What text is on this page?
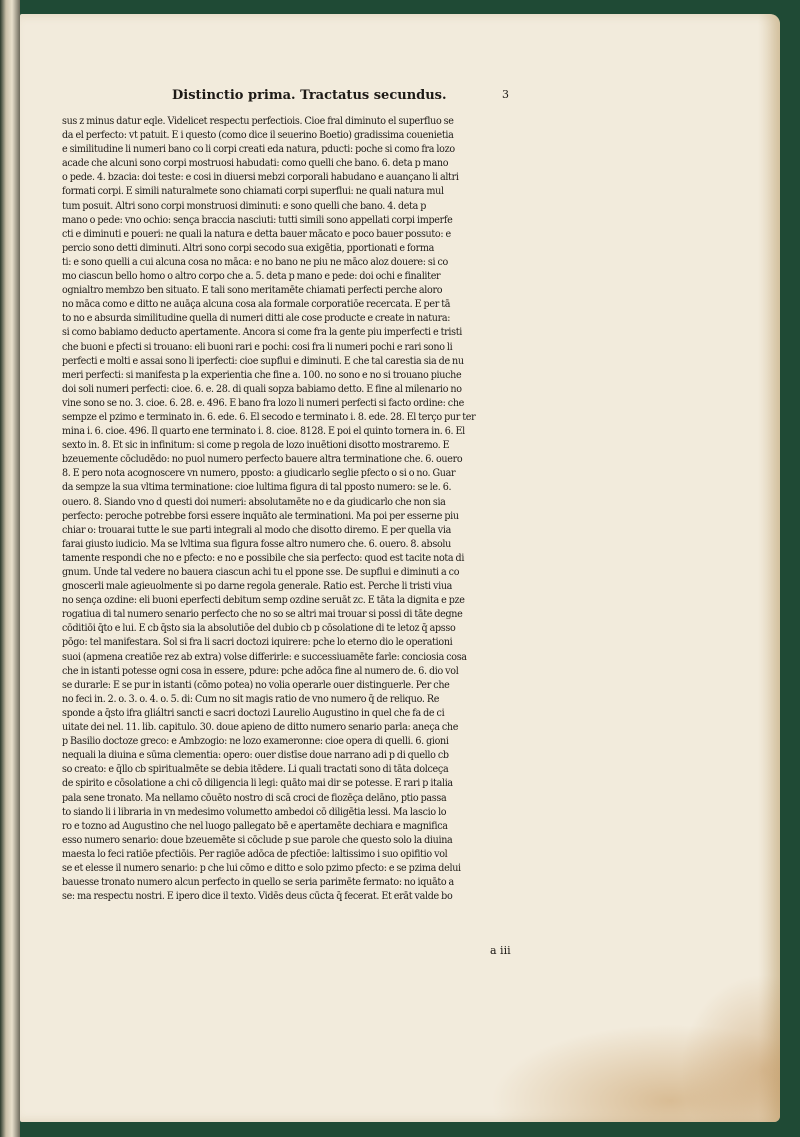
Distinctio prima. Tractatus secundus.	3
sus z minus datur eqle. Videlicet respectu perfectiois. Cioe fral diminuto el superfluo se
da el perfecto: vt patuit. E i questo (como dice il seuerino Boetio) gradissima couenietia
e similitudine li numeri bano co li corpi creati eda natura, pducti: poche si como fra lozo
acade che alcuni sono corpi mostruosi habudati: como quelli che bano. 6. deta p mano
o pede. 4. bzacia: doi teste: e cosi in diuersi mebzi corporali habudano e auançano li altri
formati corpi. E simili naturalmete sono chiamati corpi superflui: ne quali natura mul
tum posuit. Altri sono corpi monstruosi diminuti: e sono quelli che bano. 4. deta p
mano o pede: vno ochio: sença braccia nasciuti: tutti simili sono appellati corpi imperfe
cti e diminuti e poueri: ne quali la natura e detta bauer mācato e poco bauer possuto: e
percio sono detti diminuti. Altri sono corpi secodo sua exigētia, pportionati e forma
ti: e sono quelli a cui alcuna cosa no māca: e no bano ne piu ne māco aloz douere: si co
mo ciascun bello homo o altro corpo che a. 5. deta p mano e pede: doi ochi e finaliter
ognialtro membzo ben situato. E tali sono meritamēte chiamati perfecti perche aloro
no māca como e ditto ne auāça alcuna cosa ala formale corporatiōe recercata. E per tā
to no e absurda similitudine quella di numeri ditti ale cose producte e create in natura:
si como babiamo deducto apertamente. Ancora si come fra la gente piu imperfecti e tristi
che buoni e pfecti si trouano: eli buoni rari e pochi: cosi fra li numeri pochi e rari sono li
perfecti e molti e assai sono li iperfecti: cioe supflui e diminuti. E che tal carestia sia de nu
meri perfecti: si manifesta p la experientia che fine a. 100. no sono e no si trouano piuche
doi soli numeri perfecti: cioe. 6. e. 28. di quali sopza babiamo detto. E fine al milenario no
vine sono se no. 3. cioe. 6. 28. e. 496. E bano fra lozo li numeri perfecti si facto ordine: che
sempze el pzimo e terminato in. 6. ede. 6. El secodo e terminato i. 8. ede. 28. El terço pur ter
mina i. 6. cioe. 496. Il quarto ene terminato i. 8. cioe. 8128. E poi el quinto tornera in. 6. El
sexto in. 8. Et sic in infinitum: si come p regola de lozo inuētioni disotto mostraremo. E
bzeuemente cōcludēdo: no puol numero perfecto bauere altra terminatione che. 6. ouero
8. E pero nota acognoscere vn numero, pposto: a giudicarlo seglie pfecto o si o no. Guar
da sempze la sua vltima terminatione: cioe lultima figura di tal pposto numero: se le. 6.
ouero. 8. Siando vno d questi doi numeri: absolutamēte no e da giudicarlo che non sia
perfecto: peroche potrebbe forsi essere inquāto ale terminationi. Ma poi per esserne piu
chiar o: trouarai tutte le sue parti integrali al modo che disotto diremo. E per quella via
farai giusto iudicio. Ma se lvltima sua figura fosse altro numero che. 6. ouero. 8. absolu
tamente respondi che no e pfecto: e no e possibile che sia perfecto: quod est tacite nota di
gnum. Unde tal vedere no bauera ciascun achi tu el ppone sse. De supflui e diminuti a co
gnoscerli male agieuolmente si po darne regola generale. Ratio est. Perche li tristi viua
no sença ozdine: eli buoni eperfecti debitum semp ozdine seruāt zc. E tāta la dignita e pze
rogatiua di tal numero senario perfecto che no so se altri mai trouar si possi di tāte degne
cōditiōi q̄to e lui. E cb q̄sto sia la absolutiōe del dubio cb p cōsolatione di te letoz q̄ apsso
pōgo: tel manifestara. Sol si fra li sacri doctozi iquirere: pche lo eterno dio le operationi
suoi (apmena creatiōe rez ab extra) volse differirle: e successiuamēte farle: conciosia cosa
che in istanti potesse ogni cosa in essere, pdure: pche adōca fine al numero de. 6. dio vol
se durarle: E se pur in istanti (cōmo potea) no volia operarle ouer distinguerle. Per che
no feci in. 2. o. 3. o. 4. o. 5. di: Cum no sit magis ratio de vno numero q̄ de reliquo. Re
sponde a q̄sto ifra gliáltri sancti e sacri doctozi Laurelio Augustino in quel che fa de ci
uitate dei nel. 11. lib. capitulo. 30. doue apieno de ditto numero senario parla: aneça che
p Basilio doctoze greco: e Ambzogio: ne lozo exameronne: cioe opera di quelli. 6. gioni
nequali la diuina e sūma clementia: opero: ouer distīse doue narrano adi p di quello cb
so creato: e q̄llo cb spiritualmēte se debia itēdere. Li quali tractati sono di tāta dolceça
de spirito e cōsolatione a chi cō diligencia li legi: quāto mai dir se potesse. E rari p italia
pala sene tronato. Ma nellamo cōuēto nostro di scā croci de fiozēça delāno, ptio passa
to siando li i libraria in vn medesimo volumetto ambedoi cō diligētia lessi. Ma lascio lo
ro e tozno ad Augustino che nel luogo pallegato bē e apertamēte dechiara e magnifica
esso numero senario: doue bzeuemēte si cōclude p sue parole che questo solo la diuina
maesta lo feci ratiōe pfectiōis. Per ragiōe adōca de pfectiōe: laltissimo i suo opifitio vol
se et elesse il numero senario: p che lui cōmo e ditto e solo pzimo pfecto: e se pzima delui
bauesse tronato numero alcun perfecto in quello se seria parimēte fermato: no iquāto a
se: ma respectu nostri. E ipero dice il texto. Vidēs deus cūcta q̄ fecerat. Et erāt valde bo
a iii
